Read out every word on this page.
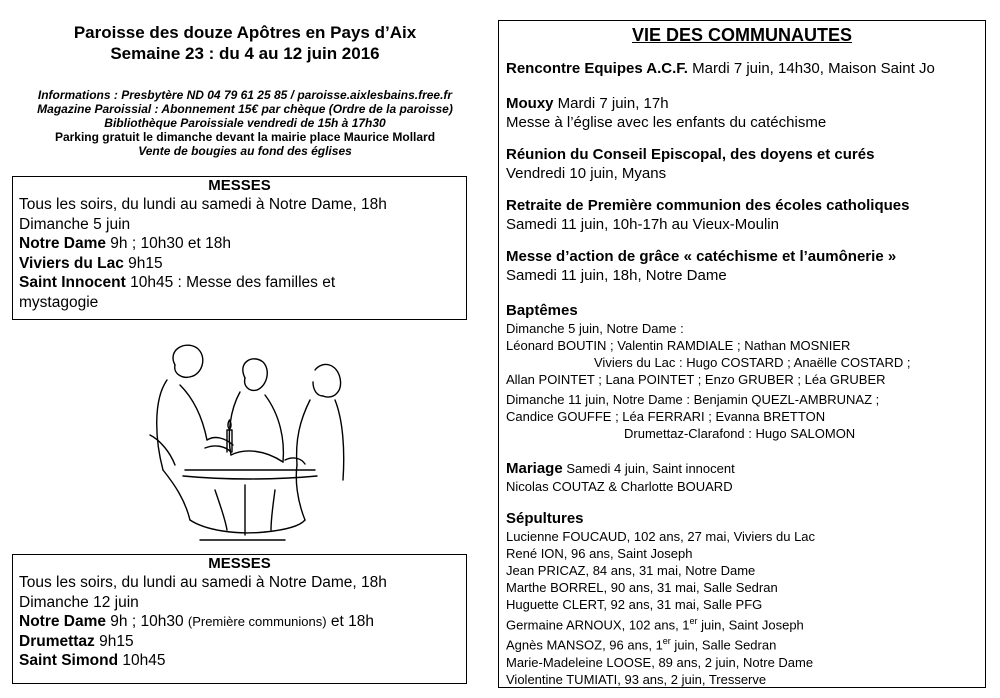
Paroisse des douze Apôtres en Pays d’Aix
Semaine 23 : du 4 au 12 juin 2016
Informations : Presbytère ND 04 79 61 25 85 / paroisse.aixlesbains.free.fr
Magazine Paroissial : Abonnement 15€ par chèque (Ordre de la paroisse)
Bibliothèque Paroissiale vendredi de 15h à 17h30
Parking gratuit le dimanche devant la mairie place Maurice Mollard
Vente de bougies au fond des églises
MESSES
Tous les soirs, du lundi au samedi à Notre Dame, 18h
Dimanche 5 juin
Notre Dame 9h ; 10h30 et 18h
Viviers du Lac 9h15
Saint Innocent 10h45 : Messe des familles et
mystagogie
MESSES
Tous les soirs, du lundi au samedi à Notre Dame, 18h
Dimanche 12 juin
Notre Dame 9h ; 10h30 (Première communions) et 18h
Drumettaz 9h15
Saint Simond 10h45
VIE DES COMMUNAUTES
Rencontre Equipes A.C.F. Mardi 7 juin, 14h30, Maison Saint Jo
Mouxy Mardi 7 juin, 17h
Messe à l’église avec les enfants du catéchisme
Réunion du Conseil Episcopal, des doyens et curés
Vendredi 10 juin, Myans
Retraite de Première communion des écoles catholiques
Samedi 11 juin, 10h-17h au Vieux-Moulin
Messe d’action de grâce « catéchisme et l’aumônerie »
Samedi 11 juin, 18h, Notre Dame
Baptêmes
Dimanche 5 juin, Notre Dame :
Léonard BOUTIN ; Valentin RAMDIALE ; Nathan MOSNIER
Viviers du Lac : Hugo COSTARD ; Anaëlle COSTARD ;
Allan POINTET ; Lana POINTET ; Enzo GRUBER ; Léa GRUBER
Dimanche 11 juin, Notre Dame : Benjamin QUEZL-AMBRUNAZ ;
Candice GOUFFE ; Léa FERRARI ; Evanna BRETTON
Drumettaz-Clarafond : Hugo SALOMON
Mariage Samedi 4 juin, Saint innocent
Nicolas COUTAZ & Charlotte BOUARD
Sépultures
Lucienne FOUCAUD, 102 ans, 27 mai, Viviers du Lac
René ION, 96 ans, Saint Joseph
Jean PRICAZ, 84 ans, 31 mai, Notre Dame
Marthe BORREL, 90 ans, 31 mai, Salle Sedran
Huguette CLERT, 92 ans, 31 mai, Salle PFG
Germaine ARNOUX, 102 ans, 1er juin, Saint Joseph
Agnès MANSOZ, 96 ans, 1er juin, Salle Sedran
Marie-Madeleine LOOSE, 89 ans, 2 juin, Notre Dame
Violentine TUMIATI, 93 ans, 2 juin, Tresserve
